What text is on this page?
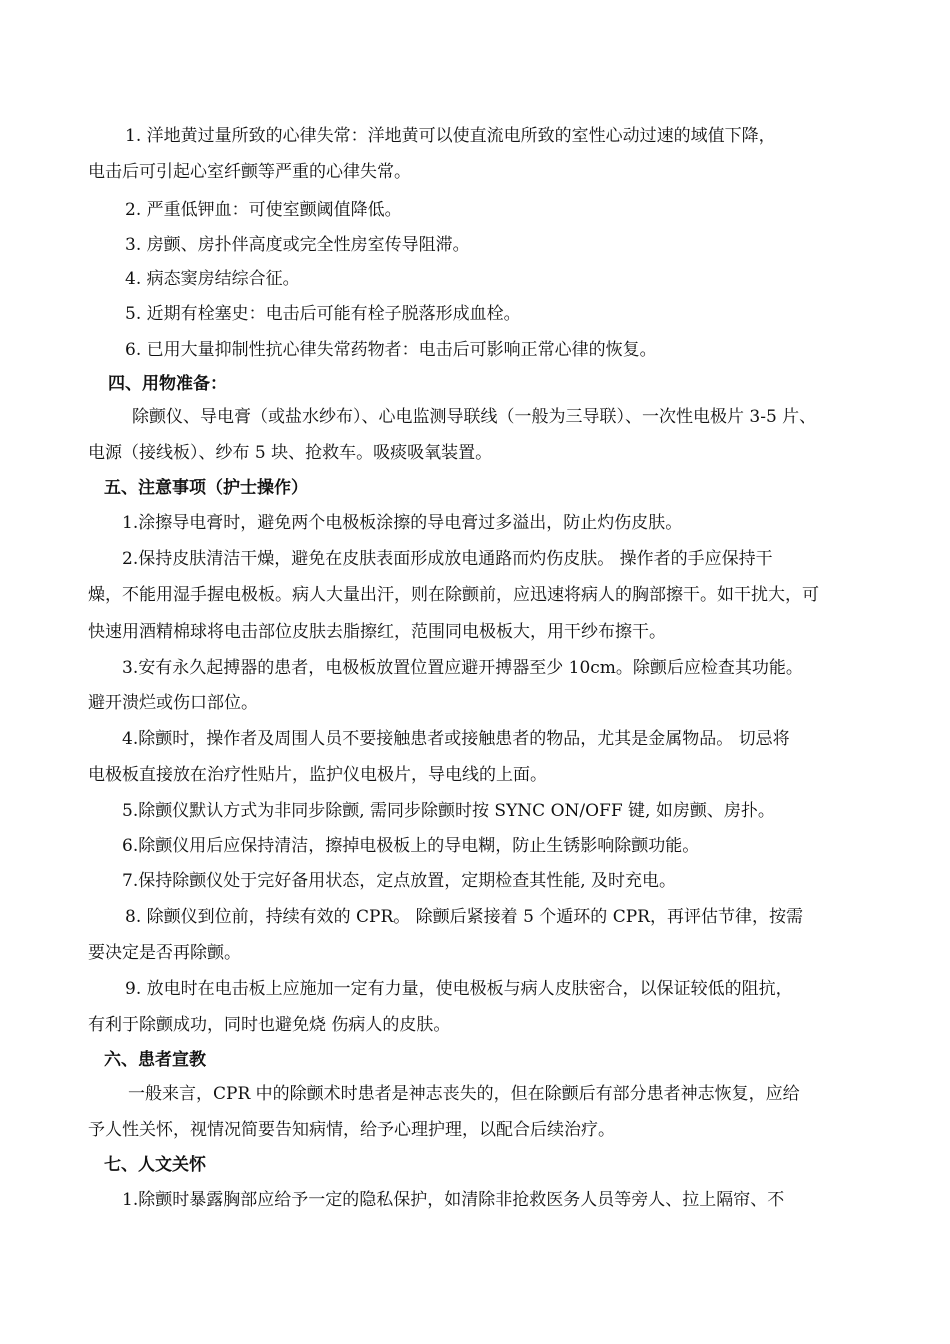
1. 洋地黄过量所致的心律失常：洋地黄可以使直流电所致的室性心动过速的域值下降，
电击后可引起心室纤颤等严重的心律失常。
2. 严重低钾血：可使室颤阈值降低。
3. 房颤、房扑伴高度或完全性房室传导阻滞。
4. 病态窦房结综合征。
5. 近期有栓塞史：电击后可能有栓子脱落形成血栓。
6. 已用大量抑制性抗心律失常药物者：电击后可影响正常心律的恢复。
四、用物准备：
除颤仪、导电膏（或盐水纱布）、心电监测导联线（一般为三导联）、一次性电极片 3-5 片、
电源（接线板）、纱布 5 块、抢救车。吸痰吸氧装置。
五、注意事项（护士操作）
1.涂擦导电膏时，避免两个电极板涂擦的导电膏过多溢出，防止灼伤皮肤。
2.保持皮肤清洁干燥，避免在皮肤表面形成放电通路而灼伤皮肤。 操作者的手应保持干
燥，不能用湿手握电极板。病人大量出汗，则在除颤前，应迅速将病人的胸部擦干。如干扰大，可
快速用酒精棉球将电击部位皮肤去脂擦红，范围同电极板大，用干纱布擦干。
3.安有永久起搏器的患者，电极板放置位置应避开搏器至少 10cm。除颤后应检查其功能。
避开溃烂或伤口部位。
4.除颤时，操作者及周围人员不要接触患者或接触患者的物品，尤其是金属物品。 切忌将
电极板直接放在治疗性贴片，监护仪电极片，导电线的上面。
5.除颤仪默认方式为非同步除颤, 需同步除颤时按 SYNC ON/OFF 键, 如房颤、房扑。
6.除颤仪用后应保持清洁，擦掉电极板上的导电糊，防止生锈影响除颤功能。
7.保持除颤仪处于完好备用状态，定点放置，定期检查其性能, 及时充电。
8. 除颤仪到位前，持续有效的 CPR。 除颤后紧接着 5 个遁环的 CPR，再评估节律，按需
要决定是否再除颤。
9. 放电时在电击板上应施加一定有力量，使电极板与病人皮肤密合，以保证较低的阻抗，
有利于除颤成功，同时也避免烧 伤病人的皮肤。
六、患者宣教
一般来言，CPR 中的除颤术时患者是神志丧失的，但在除颤后有部分患者神志恢复，应给
予人性关怀，视情况简要告知病情，给予心理护理，以配合后续治疗。
七、人文关怀
1.除颤时暴露胸部应给予一定的隐私保护，如清除非抢救医务人员等旁人、拉上隔帘、不
